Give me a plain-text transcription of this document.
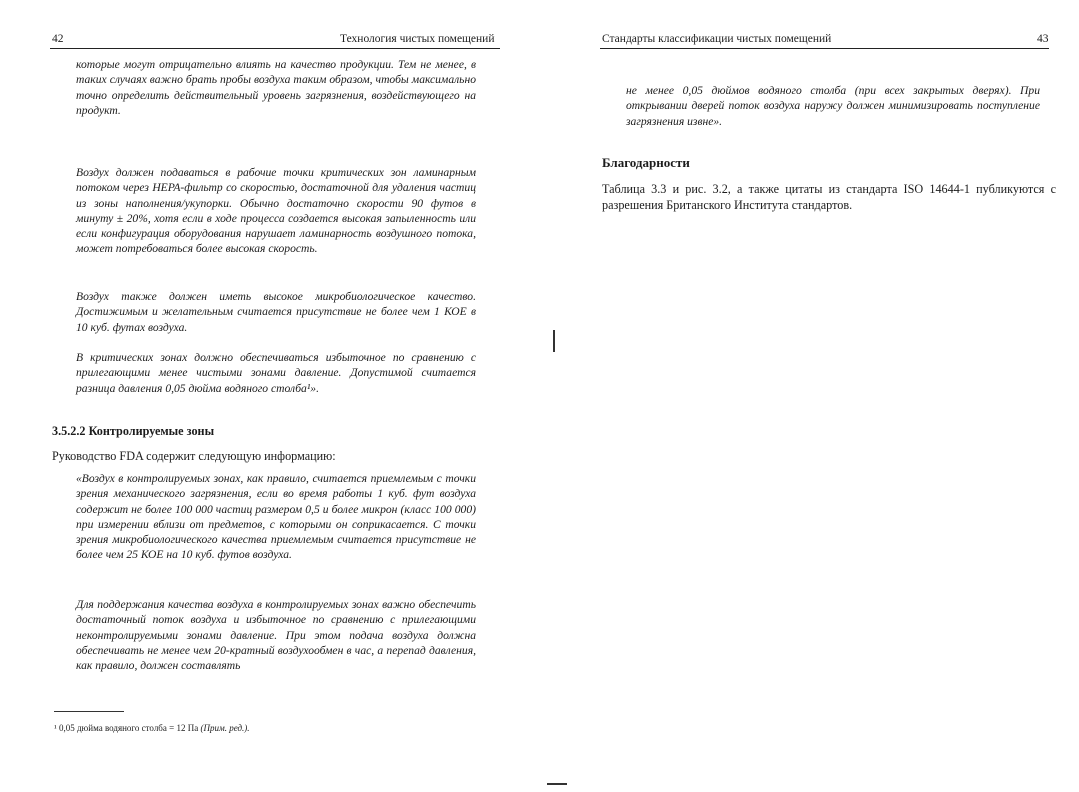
42	Технология чистых помещений

которые могут отрицательно влиять на качество продукции. Тем не менее, в таких случаях важно брать пробы воздуха таким образом, чтобы максимально точно определить действительный уровень загрязнения, воздействующего на продукт.

Воздух должен подаваться в рабочие точки критических зон ламинарным потоком через HEPA-фильтр со скоростью, достаточной для удаления частиц из зоны наполнения/укупорки. Обычно достаточно скорости 90 футов в минуту ± 20%, хотя если в ходе процесса создается высокая запыленность или если конфигурация оборудования нарушает ламинарность воздушного потока, может потребоваться более высокая скорость.

Воздух также должен иметь высокое микробиологическое качество. Достижимым и желательным считается присутствие не более чем 1 КОЕ в 10 куб. футах воздуха.

В критических зонах должно обеспечиваться избыточное по сравнению с прилегающими менее чистыми зонами давление. Допустимой считается разница давления 0,05 дюйма водяного столба¹».

3.5.2.2 Контролируемые зоны
Руководство FDA содержит следующую информацию:

«Воздух в контролируемых зонах, как правило, считается приемлемым с точки зрения механического загрязнения, если во время работы 1 куб. фут воздуха содержит не более 100 000 частиц размером 0,5 и более микрон (класс 100 000) при измерении вблизи от предметов, с которыми он соприкасается. С точки зрения микробиологического качества приемлемым считается присутствие не более чем 25 КОЕ на 10 куб. футов воздуха.

Для поддержания качества воздуха в контролируемых зонах важно обеспечить достаточный поток воздуха и избыточное по сравнению с прилегающими неконтролируемыми зонами давление. При этом подача воздуха должна обеспечивать не менее чем 20-кратный воздухообмен в час, а перепад давления, как правило, должен составлять

¹ 0,05 дюйма водяного столба = 12 Па (Прим. ред.).
Стандарты классификации чистых помещений	43

не менее 0,05 дюймов водяного столба (при всех закрытых дверях). При открывании дверей поток воздуха наружу должен минимизировать поступление загрязнения извне».

Благодарности
Таблица 3.3 и рис. 3.2, а также цитаты из стандарта ISO 14644-1 публикуются с разрешения Британского Института стандартов.
